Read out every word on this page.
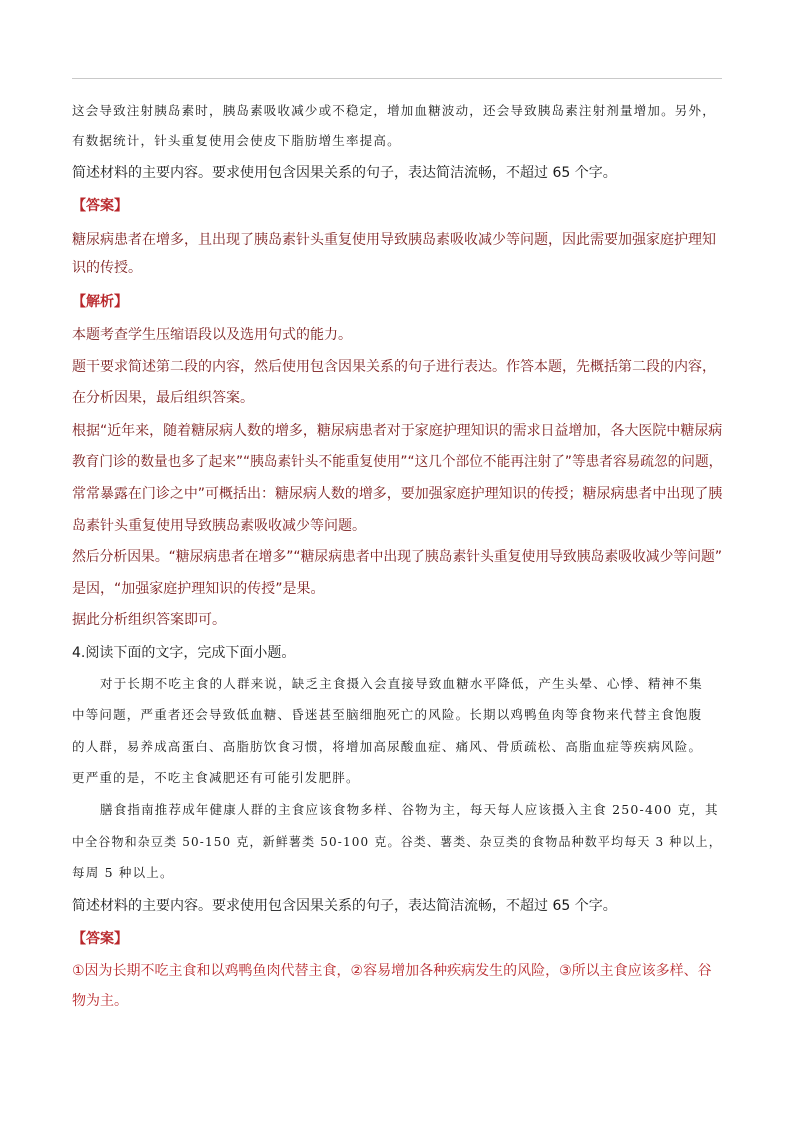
这会导致注射胰岛素时，胰岛素吸收减少或不稳定，增加血糖波动，还会导致胰岛素注射剂量增加。另外，
有数据统计，针头重复使用会使皮下脂肪增生率提高。
简述材料的主要内容。要求使用包含因果关系的句子，表达简洁流畅，不超过 65 个字。
【答案】
糖尿病患者在增多，且出现了胰岛素针头重复使用导致胰岛素吸收减少等问题，因此需要加强家庭护理知
识的传授。
【解析】
本题考查学生压缩语段以及选用句式的能力。
题干要求简述第二段的内容，然后使用包含因果关系的句子进行表达。作答本题，先概括第二段的内容，
在分析因果，最后组织答案。
根据“近年来，随着糖尿病人数的增多，糖尿病患者对于家庭护理知识的需求日益增加，各大医院中糖尿病
教育门诊的数量也多了起来”“胰岛素针头不能重复使用”“这几个部位不能再注射了”等患者容易疏忽的问题，
常常暴露在门诊之中”可概括出：糖尿病人数的增多，要加强家庭护理知识的传授；糖尿病患者中出现了胰
岛素针头重复使用导致胰岛素吸收减少等问题。
然后分析因果。“糖尿病患者在增多”“糖尿病患者中出现了胰岛素针头重复使用导致胰岛素吸收减少等问题”
是因，“加强家庭护理知识的传授”是果。
据此分析组织答案即可。
4.阅读下面的文字，完成下面小题。
对于长期不吃主食的人群来说，缺乏主食摄入会直接导致血糖水平降低，产生头晕、心悸、精神不集
中等问题，严重者还会导致低血糖、昏迷甚至脑细胞死亡的风险。长期以鸡鸭鱼肉等食物来代替主食饱腹
的人群，易养成高蛋白、高脂肪饮食习惯，将增加高尿酸血症、痛风、骨质疏松、高脂血症等疾病风险。
更严重的是，不吃主食减肥还有可能引发肥胖。
膳食指南推荐成年健康人群的主食应该食物多样、谷物为主，每天每人应该摄入主食 250-400 克，其
中全谷物和杂豆类 50-150 克，新鲜薯类 50-100 克。谷类、薯类、杂豆类的食物品种数平均每天 3 种以上，
每周 5 种以上。
简述材料的主要内容。要求使用包含因果关系的句子，表达简洁流畅，不超过 65 个字。
【答案】
①因为长期不吃主食和以鸡鸭鱼肉代替主食，②容易增加各种疾病发生的风险，③所以主食应该多样、谷
物为主。
